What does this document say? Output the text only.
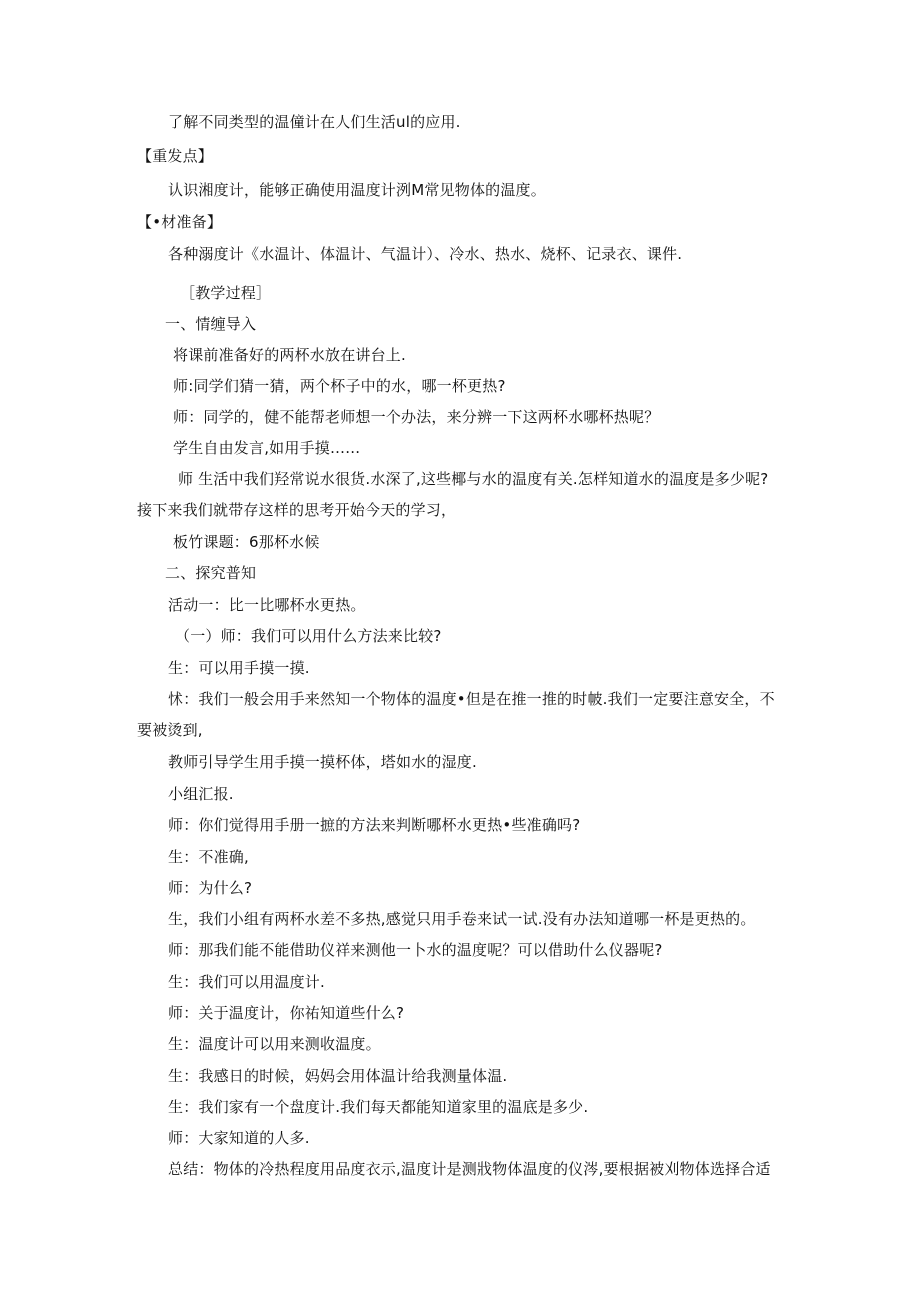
了解不同类型的温僮计在人们生活ul的应用.
【重发点】
认识湘度计，能够正确使用温度计洌M常见物体的温度。
【•材准备】
各种溺度计《水温计、体温计、气温计）、冷水、热水、烧杯、记录衣、课件.
［教学过程］
一、情缠导入
将课前准备好的两杯水放在讲台上.
师:同学们猜一猜，两个杯子中的水，哪一杯更热?
师：同学的，健不能帮老师想一个办法，来分辨一下这两杯水哪杯热呢？
学生自由发言,如用手摸……
师 生活中我们羟常说水很货.水深了,这些椰与水的温度有关.怎样知道水的温度是多少呢?
接下来我们就带存这样的思考开始今天的学习，
板竹课题：6那杯水候
二、探究普知
活动一：比一比哪杯水更热。
（一）师：我们可以用什么方法来比较?
生：可以用手摸一摸.
怵：我们一般会用手来然知一个物体的温度•但是在推一推的时帔.我们一定要注意安全，不
要被烫到,
教师引导学生用手摸一摸杯体，塔如水的湿度.
小组汇报.
师：你们觉得用手册一摭的方法来判断哪杯水更热•些准确吗?
生：不准确,
师：为什么?
生，我们小组有两杯水差不多热,感觉只用手卷来试一试.没有办法知道哪一杯是更热的。
师：那我们能不能借助仪祥来测他一卜水的温度呢？可以借助什么仪器呢?
生：我们可以用温度计.
师：关于温度计，你祐知道些什么?
生：温度计可以用来测收温度。
生：我感日的时候，妈妈会用体温计给我测量体温.
生：我们家有一个盘度计.我们每天都能知道家里的温底是多少.
师：大家知道的人多.
总结：物体的冷热程度用品度衣示,温度计是测戕物体温度的仪涔,要根据被刈物体选择合适
